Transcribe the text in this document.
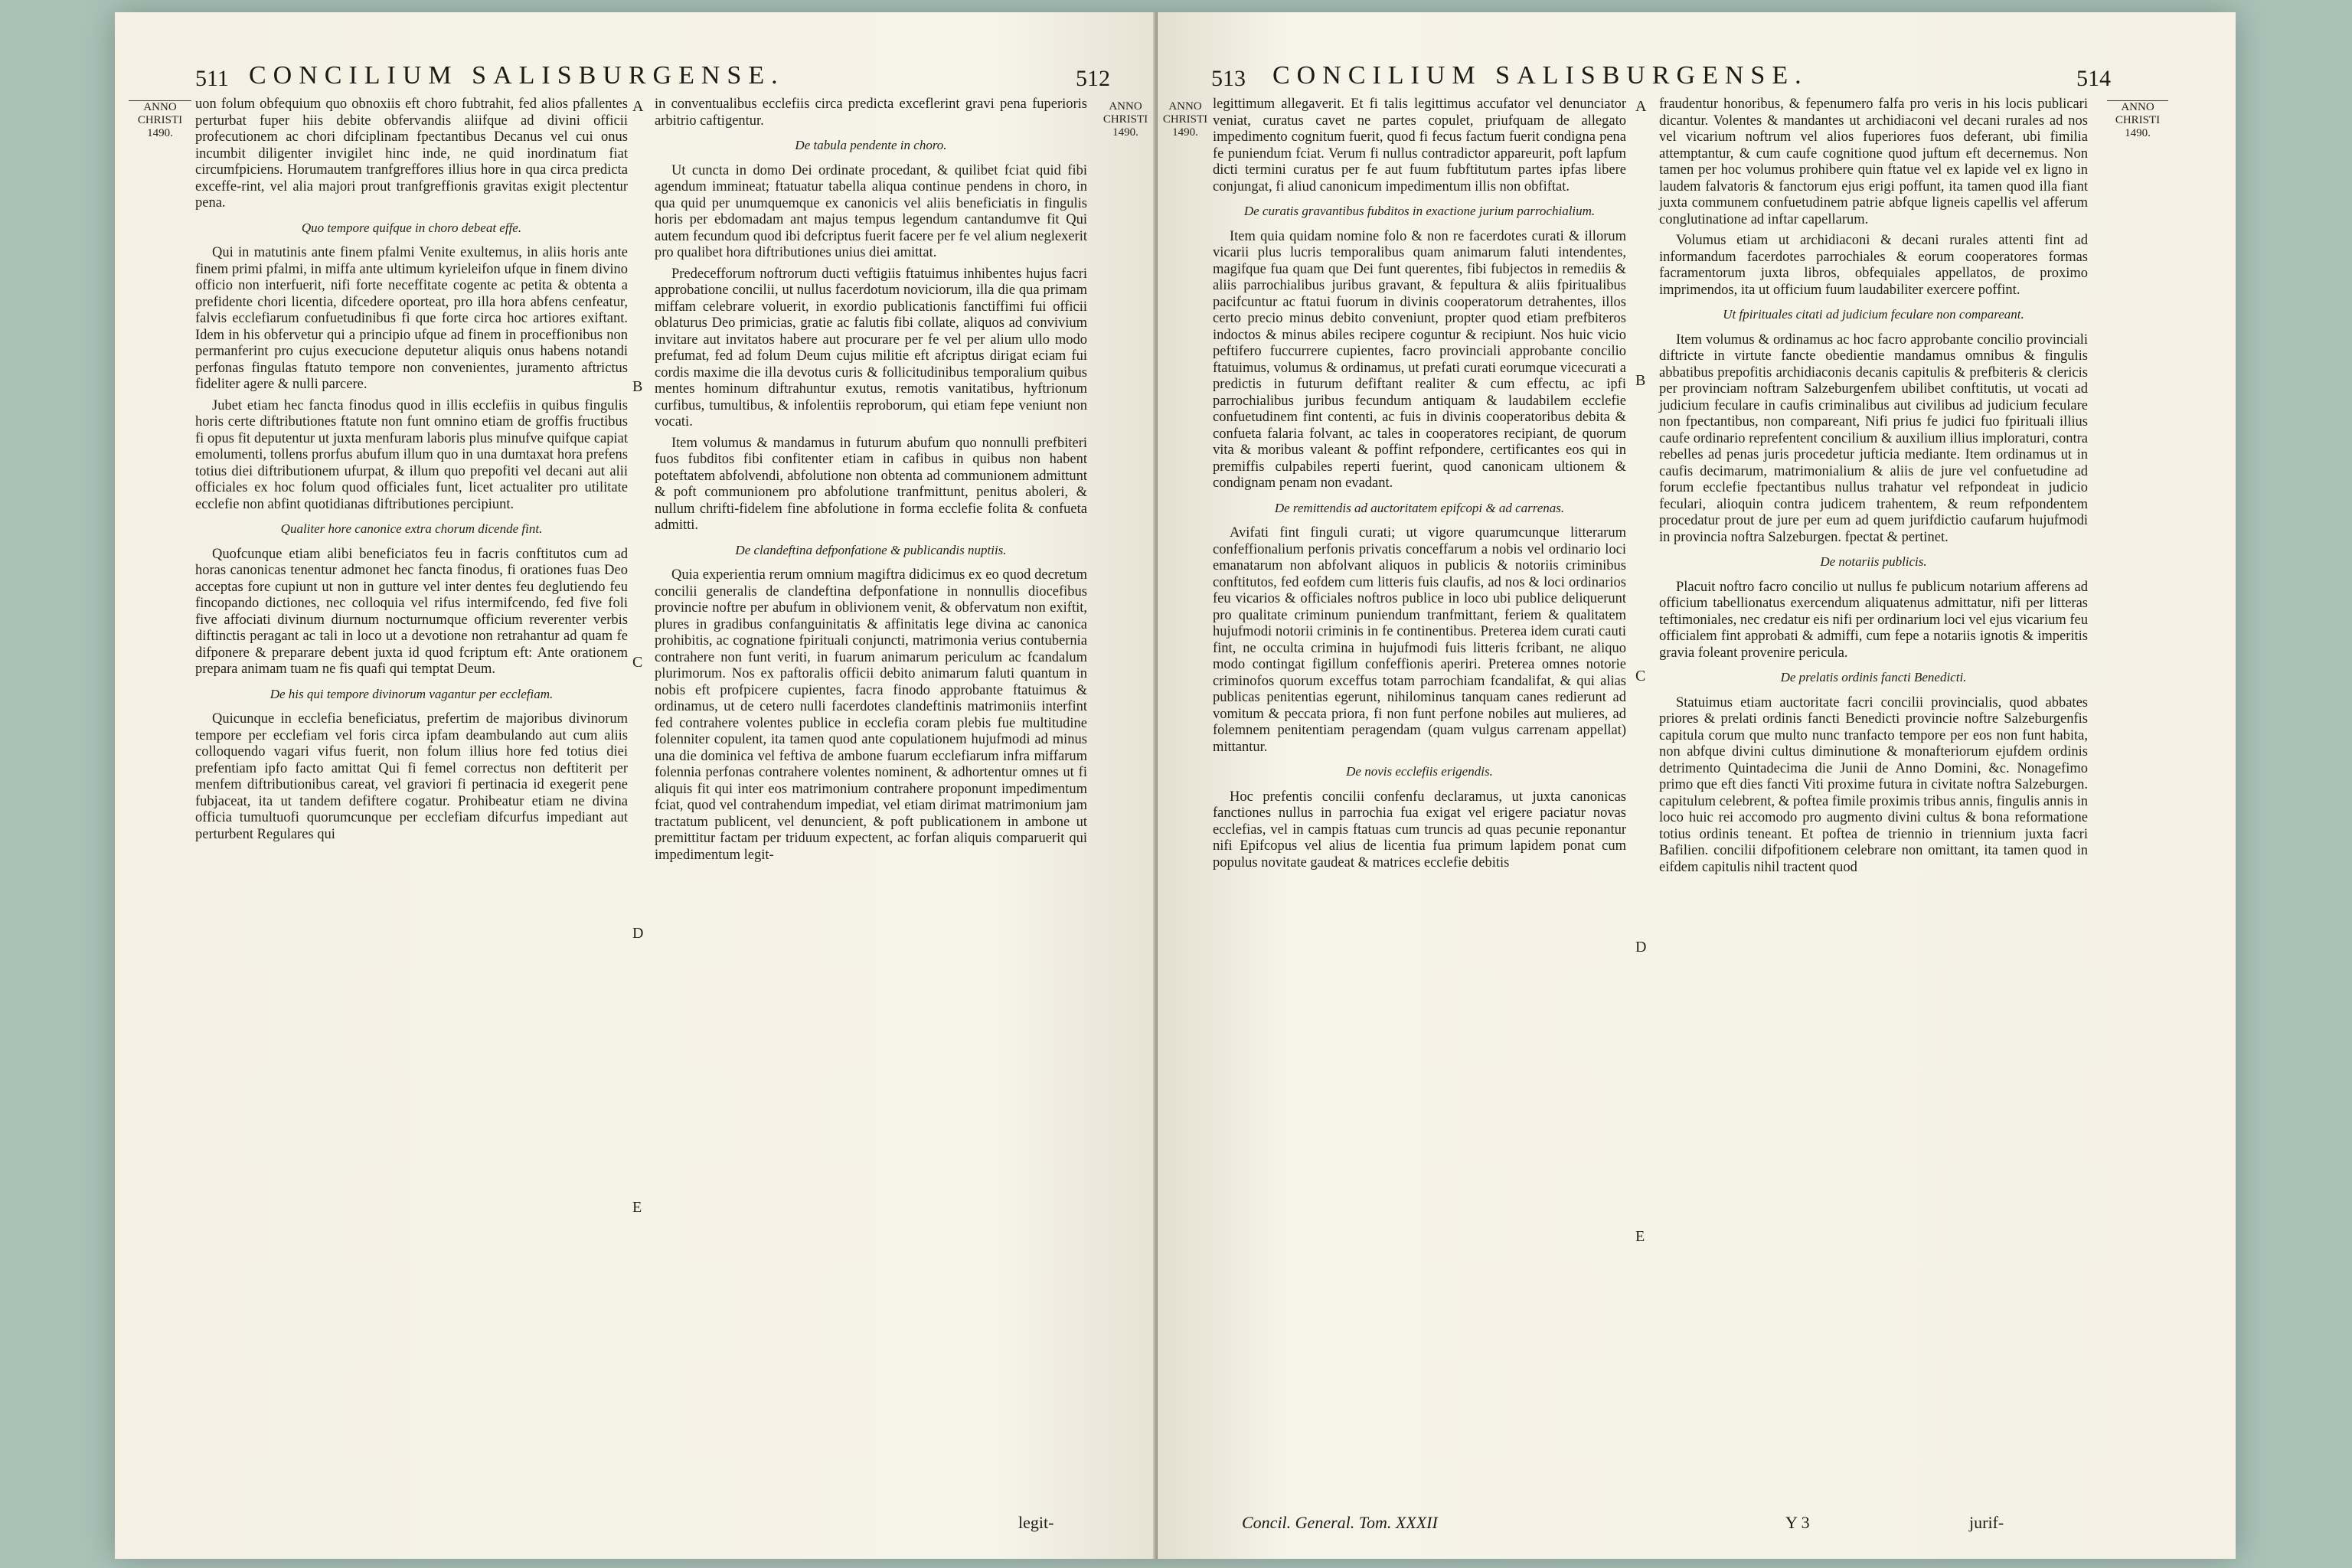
511 CONCILIUM SALISBURGENSE.	512
ANNO
CHRISTI
1490.

uon folum obfequium quo obnoxiis eft choro fubtrahit, fed alios pfallentes perturbat fuper hiis debite obfervandis aliifque ad divini officii profecutionem ac chori difciplinam fpectantibus Decanus vel cui onus incumbit diligenter invigilet hinc inde, ne quid inordinatum fiat circumfpiciens. Horumautem tranfgreffores illius hore in qua circa predicta exceffe-rint, vel alia majori prout tranfgreffionis gravitas exigit plectentur pena.

Quo tempore quifque in choro debeat effe.

Qui in matutinis ante finem pfalmi Venite exultemus, in aliis horis ante finem primi pfalmi, in miffa ante ultimum kyrieleifon ufque in finem divino officio non interfuerit, nifi forte neceffitate cogente ac petita & obtenta a prefidente chori licentia, difcedere oporteat, pro illa hora abfens cenfeatur, falvis ecclefiarum confuetudinibus fi que forte circa hoc artiores exiftant. Idem in his obfervetur qui a principio ufque ad finem in proceffionibus non permanferint pro cujus execucione deputetur aliquis onus habens notandi perfonas fingulas ftatuto tempore non convenientes, juramento aftrictus fideliter agere & nulli parcere.

Jubet etiam hec fancta finodus quod in illis ecclefiis in quibus fingulis horis certe diftributiones ftatute non funt omnino etiam de groffis fructibus fi opus fit deputentur ut juxta menfuram laboris plus minufve quifque capiat emolumenti, tollens prorfus abufum illum quo in una dumtaxat hora prefens totius diei diftributionem ufurpat, & illum quo prepofiti vel decani aut alii officiales ex hoc folum quod officiales funt, licet actualiter pro utilitate ecclefie non abfint quotidianas diftributiones percipiunt.

Qualiter hore canonice extra chorum dicende fint.

Quofcunque etiam alibi beneficiatos feu in facris conftitutos cum ad horas canonicas tenentur admonet hec fancta finodus, fi orationes fuas Deo acceptas fore cupiunt ut non in gutture vel inter dentes feu deglutiendo feu fincopando dictiones, nec colloquia vel rifus intermifcendo, fed five foli five affociati divinum diurnum nocturnumque officium reverenter verbis diftinctis peragant ac tali in loco ut a devotione non retrahantur ad quam fe difponere & preparare debent juxta id quod fcriptum eft: Ante orationem prepara animam tuam ne fis quafi qui temptat Deum.

De his qui tempore divinorum vagantur per ecclefiam.

Quicunque in ecclefia beneficiatus, prefertim de majoribus divinorum tempore per ecclefiam vel foris circa ipfam deambulando aut cum aliis colloquendo vagari vifus fuerit, non folum illius hore fed totius diei prefentiam ipfo facto amittat Qui fi femel correctus non deftiterit per menfem diftributionibus careat, vel graviori fi pertinacia id exegerit pene fubjaceat, ita ut tandem defiftere cogatur. Prohibeatur etiam ne divina officia tumultuofi quorumcunque per ecclefiam difcurfus impediant aut perturbent Regulares qui

A
B
C
D
E

in conventualibus ecclefiis circa predicta exceflerint gravi pena fuperioris arbitrio caftigentur.

De tabula pendente in choro.

Ut cuncta in domo Dei ordinate procedant, & quilibet fciat quid fibi agendum immineat; ftatuatur tabella aliqua continue pendens in choro, in qua quid per unumquemque ex canonicis vel aliis beneficiatis in fingulis horis per ebdomadam ant majus tempus legendum cantandumve fit Qui autem fecundum quod ibi defcriptus fuerit facere per fe vel alium neglexerit pro qualibet hora diftributiones unius diei amittat.

Predecefforum noftrorum ducti veftigiis ftatuimus inhibentes hujus facri approbatione concilii, ut nullus facerdotum noviciorum, illa die qua primam miffam celebrare voluerit, in exordio publicationis fanctiffimi fui officii oblaturus Deo primicias, gratie ac falutis fibi collate, aliquos ad convivium invitare aut invitatos habere aut procurare per fe vel per alium ullo modo prefumat, fed ad folum Deum cujus militie eft afcriptus dirigat eciam fui cordis maxime die illa devotus curis & follicitudinibus temporalium quibus mentes hominum diftrahuntur exutus, remotis vanitatibus, hyftrionum curfibus, tumultibus, & infolentiis reproborum, qui etiam fepe veniunt non vocati.

Item volumus & mandamus in futurum abufum quo nonnulli prefbiteri fuos fubditos fibi confitenter etiam in cafibus in quibus non habent poteftatem abfolvendi, abfolutione non obtenta ad communionem admittunt & poft communionem pro abfolutione tranfmittunt, penitus aboleri, & nullum chrifti-fidelem fine abfolutione in forma ecclefie folita & confueta admitti.

De clandeftina defponfatione & publicandis nuptiis.

Quia experientia rerum omnium magiftra didicimus ex eo quod decretum concilii generalis de clandeftina defponfatione in nonnullis diocefibus provincie noftre per abufum in oblivionem venit, & obfervatum non exiftit, plures in gradibus confanguinitatis & affinitatis lege divina ac canonica prohibitis, ac cognatione fpirituali conjuncti, matrimonia verius contubernia contrahere non funt veriti, in fuarum animarum periculum ac fcandalum plurimorum. Nos ex paftoralis officii debito animarum faluti quantum in nobis eft profpicere cupientes, facra finodo approbante ftatuimus & ordinamus, ut de cetero nulli facerdotes clandeftinis matrimoniis interfint fed contrahere volentes publice in ecclefia coram plebis fue multitudine folenniter copulent, ita tamen quod ante copulationem hujufmodi ad minus una die dominica vel feftiva de ambone fuarum ecclefiarum infra miffarum folennia perfonas contrahere volentes nominent, & adhortentur omnes ut fi aliquis fit qui inter eos matrimonium contrahere proponunt impedimentum fciat, quod vel contrahendum impediat, vel etiam dirimat matrimonium jam tractatum publicent, vel denuncient, & poft publicationem in ambone ut premittitur factam per triduum expectent, ac forfan aliquis comparuerit qui impedimentum legit-

ANNO
CHRISTI
1490.
legit-
513 CONCILIUM SALISBURGENSE.	514
ANNO
CHRISTI
1490.

legittimum allegaverit. Et fi talis legittimus accufator vel denunciator veniat, curatus cavet ne partes copulet, priufquam de allegato impedimento cognitum fuerit, quod fi fecus factum fuerit condigna pena fe puniendum fciat. Verum fi nullus contradictor appareurit, poft lapfum dicti termini curatus per fe aut fuum fubftitutum partes ipfas libere conjungat, fi aliud canonicum impedimentum illis non obfiftat.

De curatis gravantibus fubditos in exactione jurium parrochialium.

Item quia quidam nomine folo & non re facerdotes curati & illorum vicarii plus lucris temporalibus quam animarum faluti intendentes, magifque fua quam que Dei funt querentes, fibi fubjectos in remediis & aliis parrochialibus juribus gravant, & fepultura & aliis fpiritualibus pacifcuntur ac ftatui fuorum in divinis cooperatorum detrahentes, illos certo precio minus debito conveniunt, propter quod etiam prefbiteros indoctos & minus abiles recipere coguntur & recipiunt. Nos huic vicio peftifero fuccurrere cupientes, facro provinciali approbante concilio ftatuimus, volumus & ordinamus, ut prefati curati eorumque vicecurati a predictis in futurum defiftant realiter & cum effectu, ac ipfi parrochialibus juribus fecundum antiquam & laudabilem ecclefie confuetudinem fint contenti, ac fuis in divinis cooperatoribus debita & confueta falaria folvant, ac tales in cooperatores recipiant, de quorum vita & moribus valeant & poffint refpondere, certificantes eos qui in premiffis culpabiles reperti fuerint, quod canonicam ultionem & condignam penam non evadant.

De remittendis ad auctoritatem epifcopi & ad carrenas.

Avifati fint finguli curati; ut vigore quarumcunque litterarum confeffionalium perfonis privatis conceffarum a nobis vel ordinario loci emanatarum non abfolvant aliquos in publicis & notoriis criminibus conftitutos, fed eofdem cum litteris fuis claufis, ad nos & loci ordinarios feu vicarios & officiales noftros publice in loco ubi publice deliquerunt pro qualitate criminum puniendum tranfmittant, feriem & qualitatem hujufmodi notorii criminis in fe continentibus. Preterea idem curati cauti fint, ne occulta crimina in hujufmodi fuis litteris fcribant, ne aliquo modo contingat figillum confeffionis aperiri. Preterea omnes notorie criminofos quorum exceffus totam parrochiam fcandalifat, & qui alias publicas penitentias egerunt, nihilominus tanquam canes redierunt ad vomitum & peccata priora, fi non funt perfone nobiles aut mulieres, ad folemnem penitentiam peragendam (quam vulgus carrenam appellat) mittantur.

De novis ecclefiis erigendis.

Hoc prefentis concilii confenfu declaramus, ut juxta canonicas fanctiones nullus in parrochia fua exigat vel erigere paciatur novas ecclefias, vel in campis ftatuas cum truncis ad quas pecunie reponantur nifi Epifcopus vel alius de licentia fua primum lapidem ponat cum populus novitate gaudeat & matrices ecclefie debitis

A
B
C
D
E

fraudentur honoribus, & fepenumero falfa pro veris in his locis publicari dicantur. Volentes & mandantes ut archidiaconi vel decani rurales ad nos vel vicarium noftrum vel alios fuperiores fuos deferant, ubi fimilia attemptantur, & cum caufe cognitione quod juftum eft decernemus. Non tamen per hoc volumus prohibere quin ftatue vel ex lapide vel ex ligno in laudem falvatoris & fanctorum ejus erigi poffunt, ita tamen quod illa fiant juxta communem confuetudinem patrie abfque ligneis capellis vel afferum conglutinatione ad inftar capellarum.

Volumus etiam ut archidiaconi & decani rurales attenti fint ad informandum facerdotes parrochiales & eorum cooperatores formas facramentorum juxta libros, obfequiales appellatos, de proximo imprimendos, ita ut officium fuum laudabiliter exercere poffint.

Ut fpirituales citati ad judicium feculare non compareant.

Item volumus & ordinamus ac hoc facro approbante concilio provinciali diftricte in virtute fancte obedientie mandamus omnibus & fingulis abbatibus prepofitis archidiaconis decanis capitulis & prefbiteris & clericis per provinciam noftram Salzeburgenfem ubilibet conftitutis, ut vocati ad judicium feculare in caufis criminalibus aut civilibus ad judicium feculare non fpectantibus, non compareant, Nifi prius fe judici fuo fpirituali illius caufe ordinario reprefentent concilium & auxilium illius imploraturi, contra rebelles ad penas juris procedetur jufticia mediante. Item ordinamus ut in caufis decimarum, matrimonialium & aliis de jure vel confuetudine ad forum ecclefie fpectantibus nullus trahatur vel refpondeat in judicio feculari, alioquin contra judicem trahentem, & reum refpondentem procedatur prout de jure per eum ad quem jurifdictio caufarum hujufmodi in provincia noftra Salzeburgen. fpectat & pertinet.

De notariis publicis.

Placuit noftro facro concilio ut nullus fe publicum notarium afferens ad officium tabellionatus exercendum aliquatenus admittatur, nifi per litteras teftimoniales, nec credatur eis nifi per ordinarium loci vel ejus vicarium feu officialem fint approbati & admiffi, cum fepe a notariis ignotis & imperitis gravia foleant provenire pericula.

De prelatis ordinis fancti Benedicti.

Statuimus etiam auctoritate facri concilii provincialis, quod abbates priores & prelati ordinis fancti Benedicti provincie noftre Salzeburgenfis capitula corum que multo nunc tranfacto tempore per eos non funt habita, non abfque divini cultus diminutione & monafteriorum ejufdem ordinis detrimento Quintadecima die Junii de Anno Domini, &c. Nonagefimo primo que eft dies fancti Viti proxime futura in civitate noftra Salzeburgen. capitulum celebrent, & poftea fimile proximis tribus annis, fingulis annis in loco huic rei accomodo pro augmento divini cultus & bona reformatione totius ordinis teneant. Et poftea de triennio in triennium juxta facri Bafilien. concilii difpofitionem celebrare non omittant, ita tamen quod in eifdem capitulis nihil tractent quod

ANNO
CHRISTI
1490.
Concil. General. Tom. XXXII	Y 3	jurif-
